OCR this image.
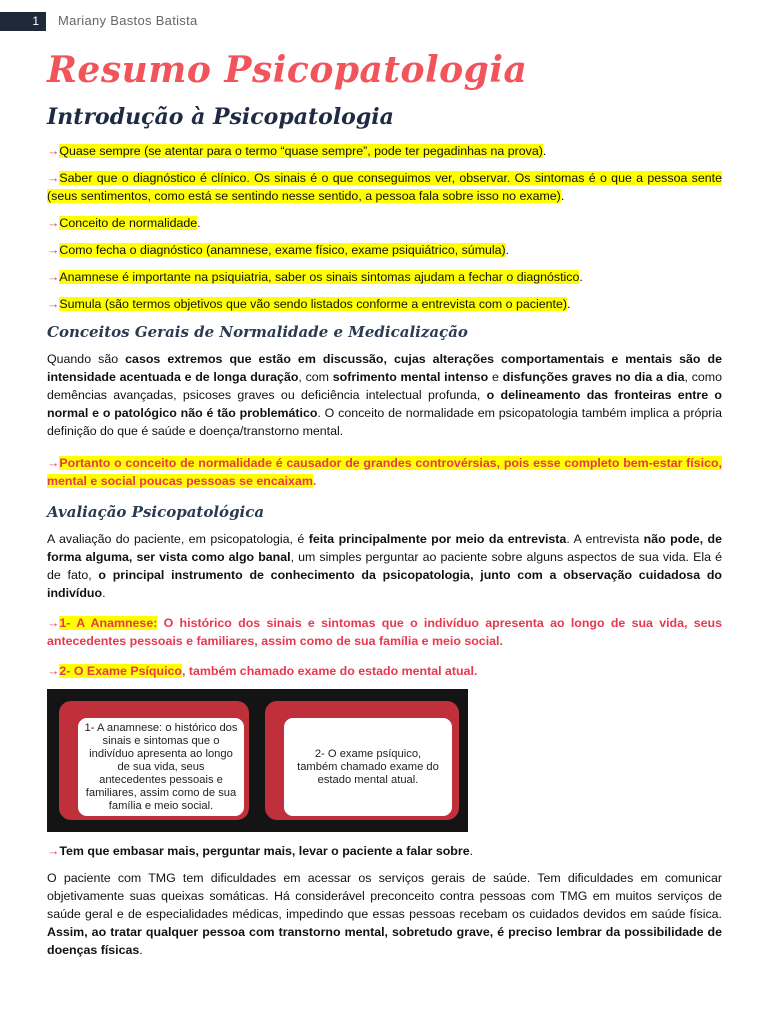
1	Mariany Bastos Batista
Resumo Psicopatologia
Introdução à Psicopatologia

→Quase sempre (se atentar para o termo “quase sempre”, pode ter pegadinhas na prova).

→Saber que o diagnóstico é clínico. Os sinais é o que conseguimos ver, observar. Os sintomas é o que a pessoa sente (seus sentimentos, como está se sentindo nesse sentido, a pessoa fala sobre isso no exame).

→Conceito de normalidade.

→Como fecha o diagnóstico (anamnese, exame físico, exame psiquiátrico, súmula).

→Anamnese é importante na psiquiatria, saber os sinais sintomas ajudam a fechar o diagnóstico.

→Sumula (são termos objetivos que vão sendo listados conforme a entrevista com o paciente).

Conceitos Gerais de Normalidade e Medicalização

Quando são casos extremos que estão em discussão, cujas alterações comportamentais e mentais são de intensidade acentuada e de longa duração, com sofrimento mental intenso e disfunções graves no dia a dia, como demências avançadas, psicoses graves ou deficiência intelectual profunda, o delineamento das fronteiras entre o normal e o patológico não é tão problemático. O conceito de normalidade em psicopatologia também implica a própria definição do que é saúde e doença/transtorno mental.

→Portanto o conceito de normalidade é causador de grandes controvérsias, pois esse completo bem-estar físico, mental e social poucas pessoas se encaixam.

Avaliação Psicopatológica

A avaliação do paciente, em psicopatologia, é feita principalmente por meio da entrevista. A entrevista não pode, de forma alguma, ser vista como algo banal, um simples perguntar ao paciente sobre alguns aspectos de sua vida. Ela é de fato, o principal instrumento de conhecimento da psicopatologia, junto com a observação cuidadosa do indivíduo.

→1- A Anamnese: O histórico dos sinais e sintomas que o indivíduo apresenta ao longo de sua vida, seus antecedentes pessoais e familiares, assim como de sua família e meio social.

→2- O Exame Psíquico, também chamado exame do estado mental atual.

1- A anamnese: o histórico dos sinais e sintomas que o indivíduo apresenta ao longo de sua vida, seus antecedentes pessoais e familiares, assim como de sua família e meio social.
2- O exame psíquico, também chamado exame do estado mental atual.

→Tem que embasar mais, perguntar mais, levar o paciente a falar sobre.

O paciente com TMG tem dificuldades em acessar os serviços gerais de saúde. Tem dificuldades em comunicar objetivamente suas queixas somáticas. Há considerável preconceito contra pessoas com TMG em muitos serviços de saúde geral e de especialidades médicas, impedindo que essas pessoas recebam os cuidados devidos em saúde física. Assim, ao tratar qualquer pessoa com transtorno mental, sobretudo grave, é preciso lembrar da possibilidade de doenças físicas.
